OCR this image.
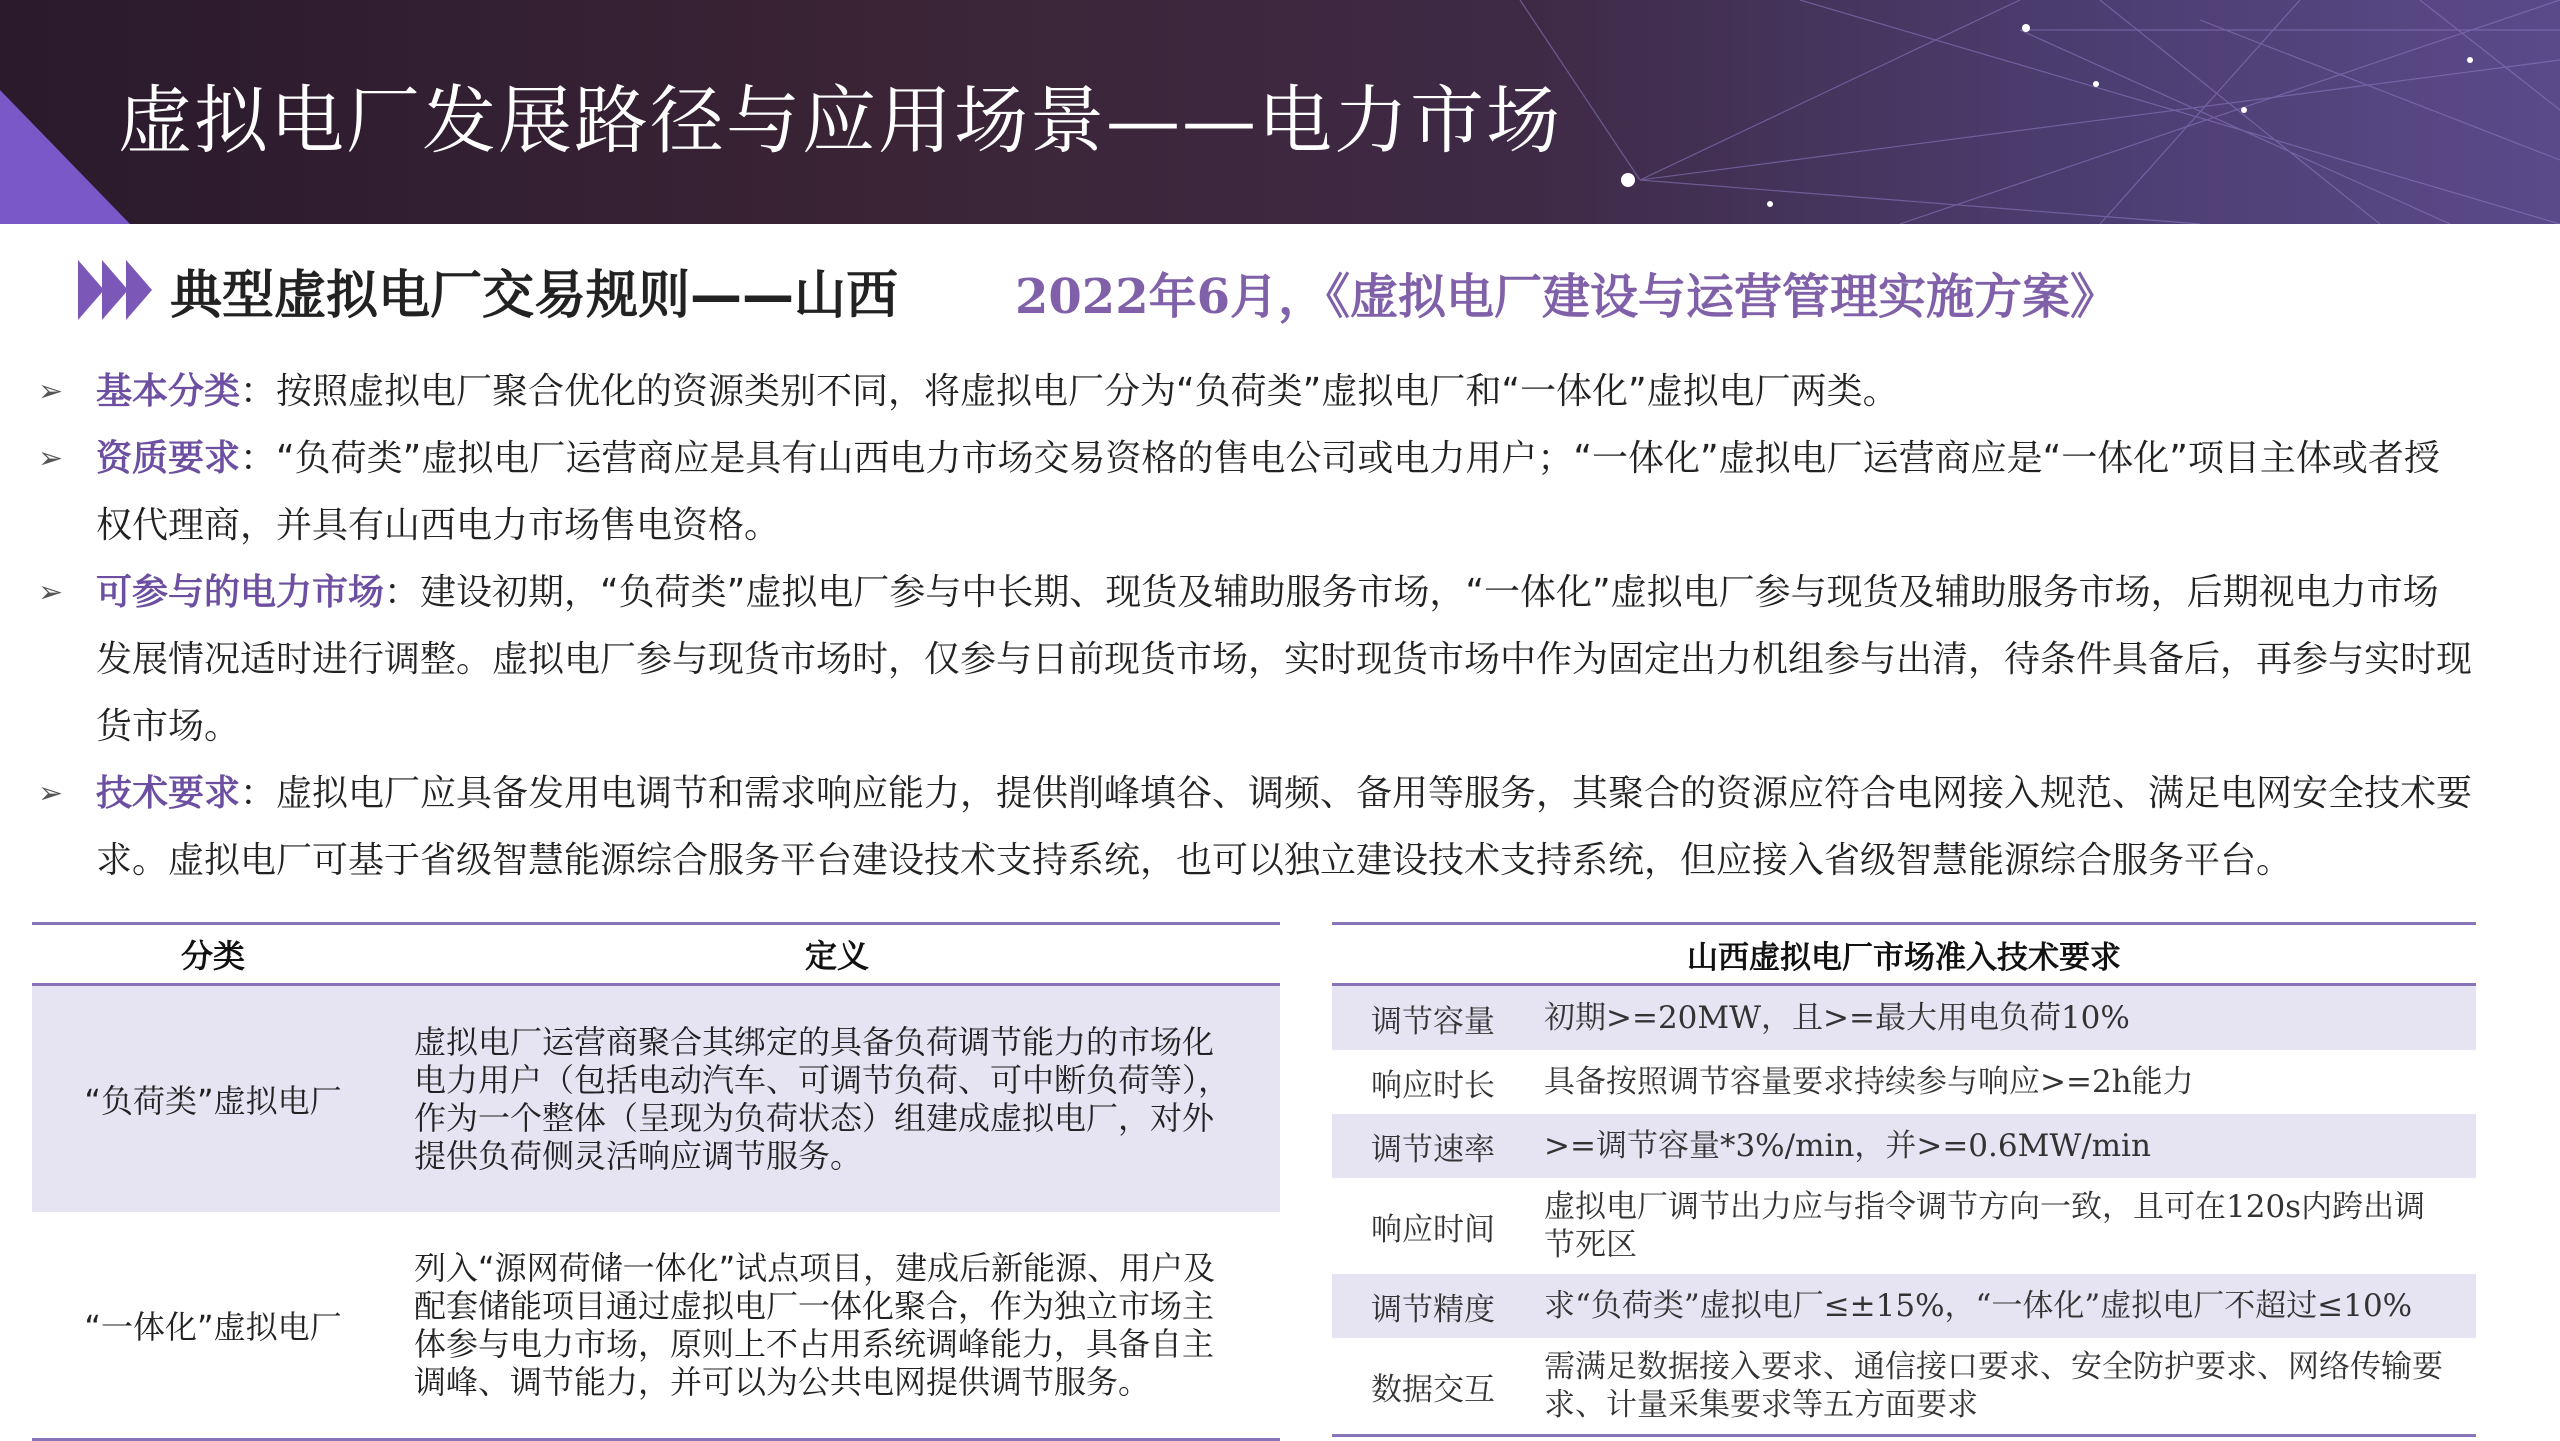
虚拟电厂发展路径与应用场景——电力市场
典型虚拟电厂交易规则——山西 2022年6月，《虚拟电厂建设与运营管理实施方案》
➢ 基本分类：按照虚拟电厂聚合优化的资源类别不同，将虚拟电厂分为“负荷类”虚拟电厂和“一体化”虚拟电厂两类。
➢ 资质要求：“负荷类”虚拟电厂运营商应是具有山西电力市场交易资格的售电公司或电力用户；“一体化”虚拟电厂运营商应是“一体化”项目主体或者授权代理商，并具有山西电力市场售电资格。
➢ 可参与的电力市场：建设初期，“负荷类”虚拟电厂参与中长期、现货及辅助服务市场，“一体化”虚拟电厂参与现货及辅助服务市场，后期视电力市场发展情况适时进行调整。虚拟电厂参与现货市场时，仅参与日前现货市场，实时现货市场中作为固定出力机组参与出清，待条件具备后，再参与实时现货市场。
➢ 技术要求：虚拟电厂应具备发用电调节和需求响应能力，提供削峰填谷、调频、备用等服务，其聚合的资源应符合电网接入规范、满足电网安全技术要求。虚拟电厂可基于省级智慧能源综合服务平台建设技术支持系统，也可以独立建设技术支持系统，但应接入省级智慧能源综合服务平台。
分类	定义
“负荷类”虚拟电厂	虚拟电厂运营商聚合其绑定的具备负荷调节能力的市场化电力用户（包括电动汽车、可调节负荷、可中断负荷等），作为一个整体（呈现为负荷状态）组建成虚拟电厂，对外提供负荷侧灵活响应调节服务。
“一体化”虚拟电厂	列入“源网荷储一体化”试点项目，建成后新能源、用户及配套储能项目通过虚拟电厂一体化聚合，作为独立市场主体参与电力市场，原则上不占用系统调峰能力，具备自主调峰、调节能力，并可以为公共电网提供调节服务。
山西虚拟电厂市场准入技术要求	
调节容量	初期>=20MW，且>=最大用电负荷10%
响应时长	具备按照调节容量要求持续参与响应>=2h能力
调节速率	>=调节容量*3%/min，并>=0.6MW/min
响应时间	虚拟电厂调节出力应与指令调节方向一致，且可在120s内跨出调节死区
调节精度	求“负荷类”虚拟电厂≤±15%，“一体化”虚拟电厂不超过≤10%
数据交互	需满足数据接入要求、通信接口要求、安全防护要求、网络传输要求、计量采集要求等五方面要求
